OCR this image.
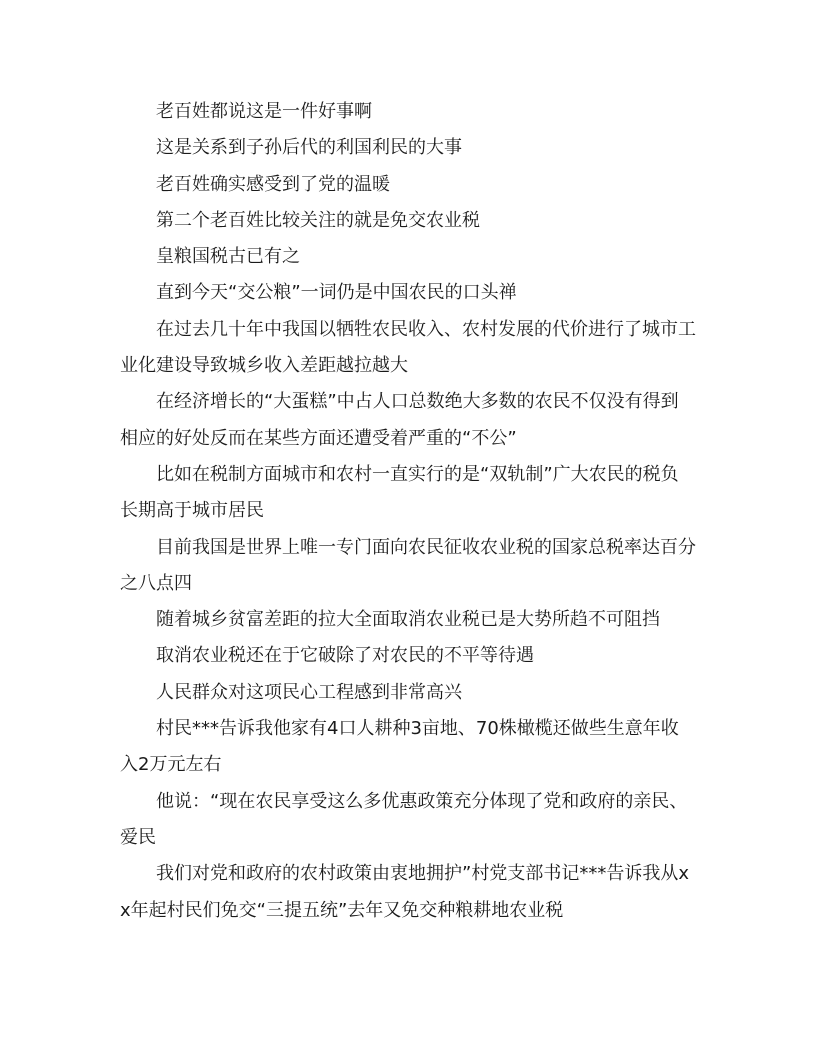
老百姓都说这是一件好事啊

这是关系到子孙后代的利国利民的大事

老百姓确实感受到了党的温暖

第二个老百姓比较关注的就是免交农业税

皇粮国税古已有之

直到今天“交公粮”一词仍是中国农民的口头禅

在过去几十年中我国以牺牲农民收入、农村发展的代价进行了城市工业化建设导致城乡收入差距越拉越大

在经济增长的“大蛋糕”中占人口总数绝大多数的农民不仅没有得到相应的好处反而在某些方面还遭受着严重的“不公”

比如在税制方面城市和农村一直实行的是“双轨制”广大农民的税负长期高于城市居民

目前我国是世界上唯一专门面向农民征收农业税的国家总税率达百分之八点四

随着城乡贫富差距的拉大全面取消农业税已是大势所趋不可阻挡

取消农业税还在于它破除了对农民的不平等待遇

人民群众对这项民心工程感到非常高兴

村民***告诉我他家有4口人耕种3亩地、70株橄榄还做些生意年收入2万元左右

他说：“现在农民享受这么多优惠政策充分体现了党和政府的亲民、爱民

我们对党和政府的农村政策由衷地拥护”村党支部书记***告诉我从xx年起村民们免交“三提五统”去年又免交种粮耕地农业税
